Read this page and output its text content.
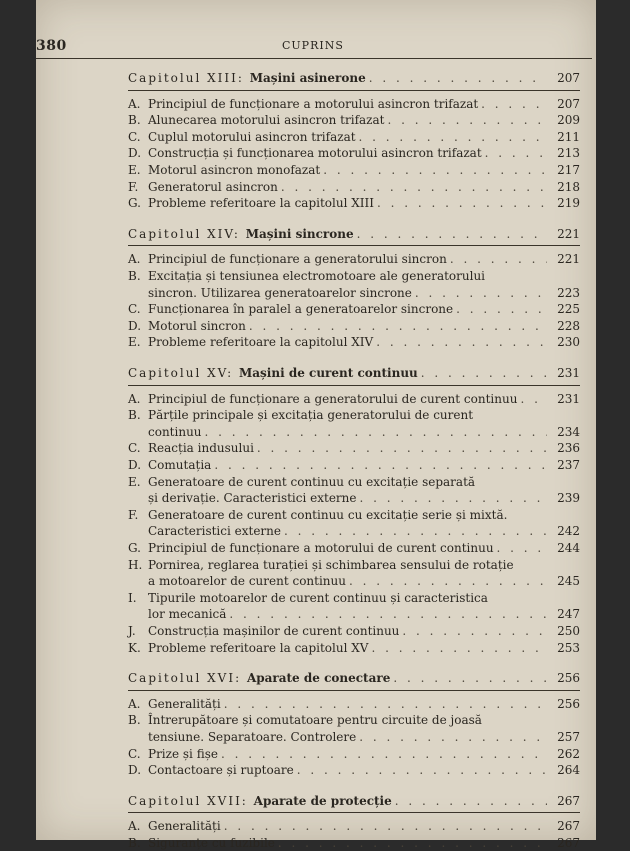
380	CUPRINS
Capitolul XIII: Mașini asinerone . . .	207
A. Principiul de funcționare a motorului asincron trifazat . . .	207
B. Alunecarea motorului asincron trifazat . . .	209
C. Cuplul motorului asincron trifazat . . .	211
D. Construcția și funcționarea motorului asincron trifazat . . .	213
E. Motorul asincron monofazat . . .	217
F. Generatorul asincron . . .	218
G. Probleme referitoare la capitolul XIII . . .	219
Capitolul XIV: Mașini sincrone . . .	221
A. Principiul de funcționare a generatorului sincron . . .	221
B. Excitația și tensiunea electromotoare ale generatorului
sincron. Utilizarea generatoarelor sincrone . . .	223
C. Funcționarea în paralel a generatoarelor sincrone . . .	225
D. Motorul sincron . . .	228
E. Probleme referitoare la capitolul XIV . . .	230
Capitolul XV: Mașini de curent continuu . . .	231
A. Principiul de funcționare a generatorului de curent continuu . . .	231
B. Părțile principale și excitația generatorului de curent
continuu . . .	234
C. Reacția indusului . . .	236
D. Comutația . . .	237
E. Generatoare de curent continuu cu excitație separată
și derivație. Caracteristici externe . . .	239
F. Generatoare de curent continuu cu excitație serie și mixtă.
Caracteristici externe . . .	242
G. Principiul de funcționare a motorului de curent continuu . . .	244
H. Pornirea, reglarea turației și schimbarea sensului de rotație
a motoarelor de curent continuu . . .	245
I. Tipurile motoarelor de curent continuu și caracteristica
lor mecanică . . .	247
J. Construcția mașinilor de curent continuu . . .	250
K. Probleme referitoare la capitolul XV . . .	253
Capitolul XVI: Aparate de conectare . . .	256
A. Generalități . . .	256
B. Întrerupătoare și comutatoare pentru circuite de joasă
tensiune. Separatoare. Controlere . . .	257
C. Prize și fișe . . .	262
D. Contactoare și ruptoare . . .	264
Capitolul XVII: Aparate de protecție . . .	267
A. Generalități . . .	267
B. Siguranțe cu fuzibile . . .	267
